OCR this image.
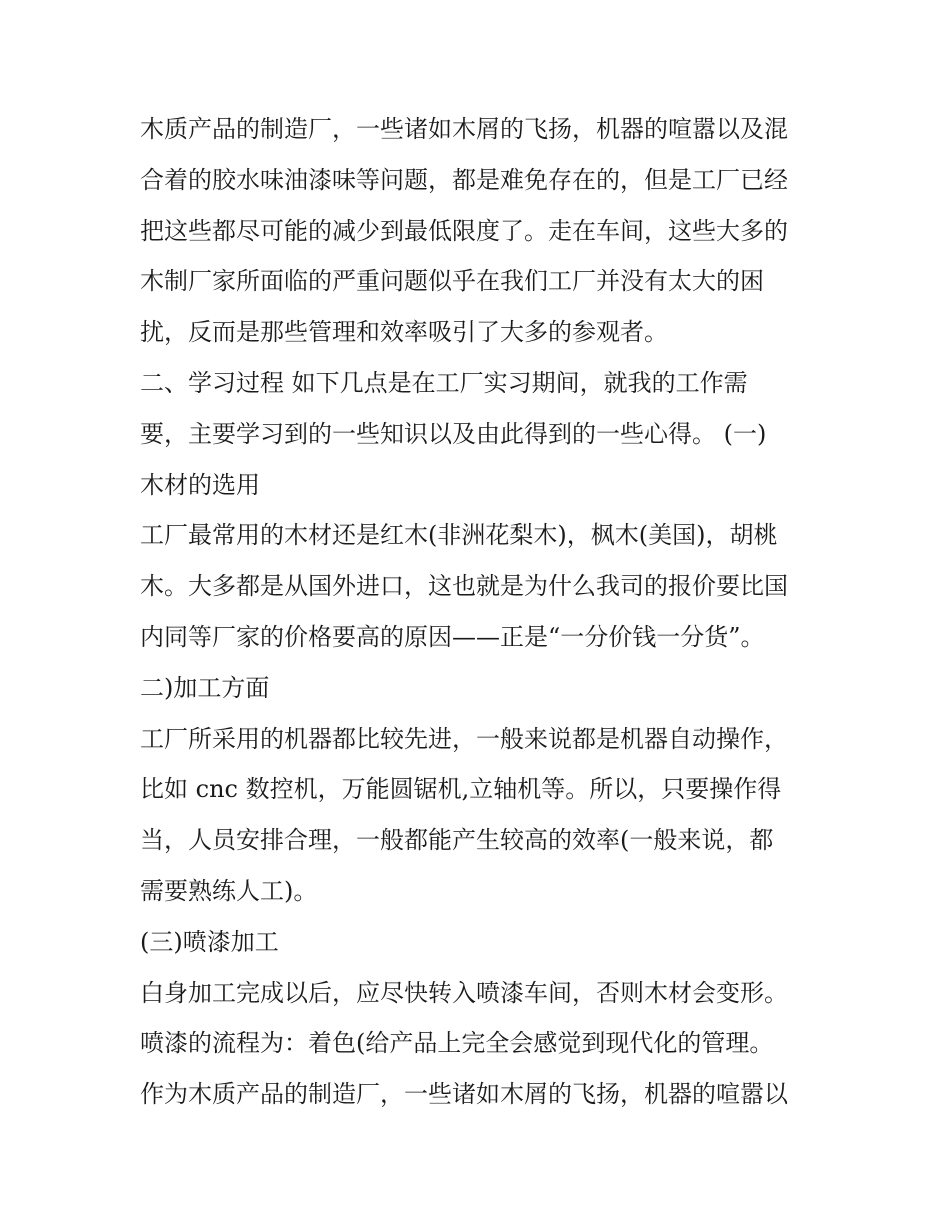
木质产品的制造厂，一些诸如木屑的飞扬，机器的喧嚣以及混
合着的胶水味油漆味等问题，都是难免存在的，但是工厂已经
把这些都尽可能的减少到最低限度了。走在车间，这些大多的
木制厂家所面临的严重问题似乎在我们工厂并没有太大的困
扰，反而是那些管理和效率吸引了大多的参观者。
二、学习过程 如下几点是在工厂实习期间，就我的工作需
要，主要学习到的一些知识以及由此得到的一些心得。 (一)
木材的选用
工厂最常用的木材还是红木(非洲花梨木)，枫木(美国)，胡桃
木。大多都是从国外进口，这也就是为什么我司的报价要比国
内同等厂家的价格要高的原因——正是“一分价钱一分货”。
二)加工方面
工厂所采用的机器都比较先进，一般来说都是机器自动操作，
比如 cnc 数控机，万能圆锯机,立轴机等。所以，只要操作得
当，人员安排合理，一般都能产生较高的效率(一般来说，都
需要熟练人工)。
(三)喷漆加工
白身加工完成以后，应尽快转入喷漆车间，否则木材会变形。
喷漆的流程为：着色(给产品上完全会感觉到现代化的管理。
作为木质产品的制造厂，一些诸如木屑的飞扬，机器的喧嚣以
